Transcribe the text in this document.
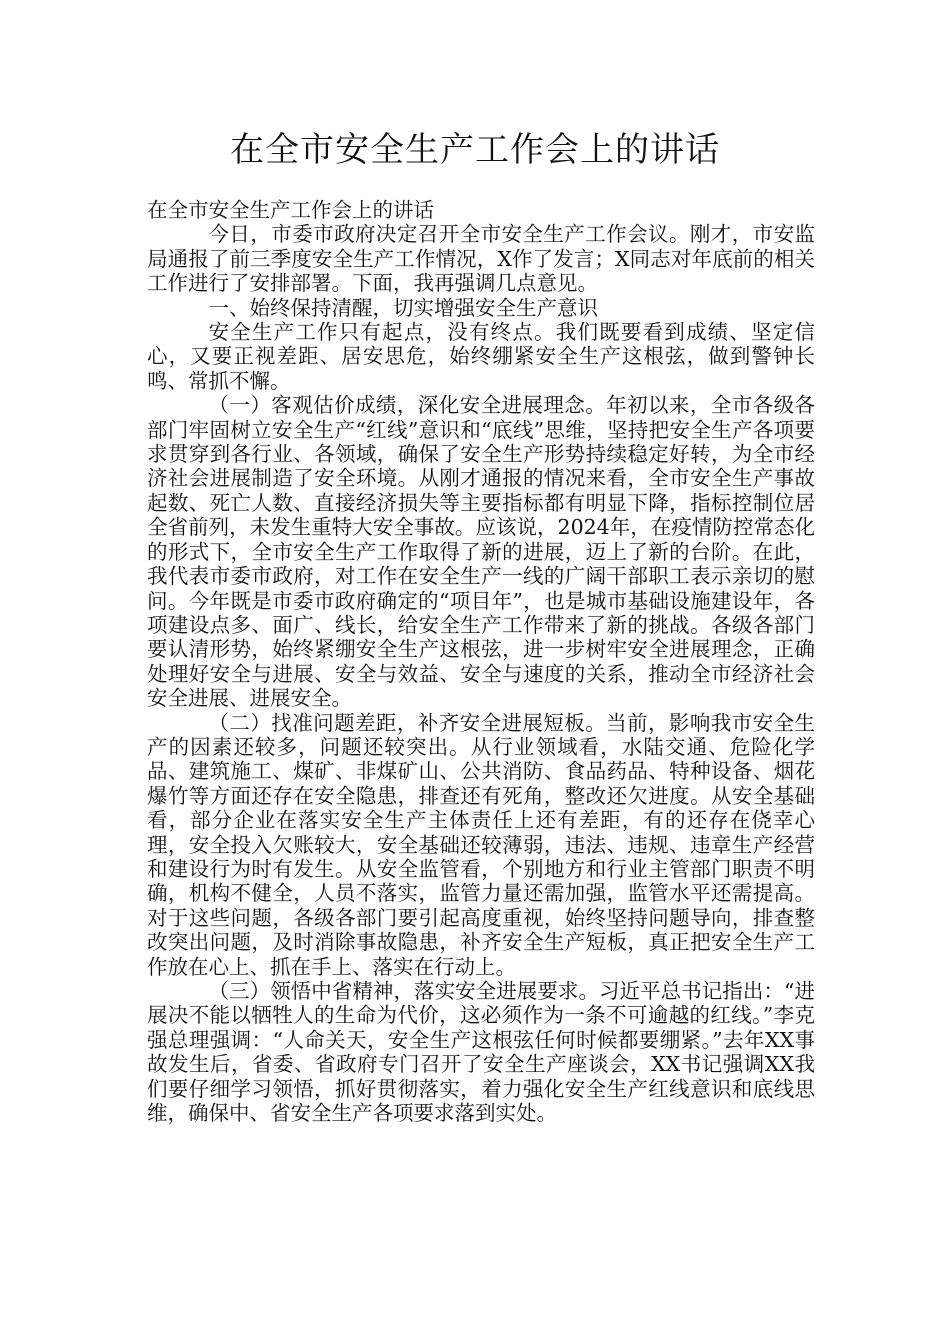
在全市安全生产工作会上的讲话

在全市安全生产工作会上的讲话

今日，市委市政府决定召开全市安全生产工作会议。刚才，市安监局通报了前三季度安全生产工作情况，X作了发言；X同志对年底前的相关工作进行了安排部署。下面，我再强调几点意见。

一、始终保持清醒，切实增强安全生产意识

安全生产工作只有起点，没有终点。我们既要看到成绩、坚定信心，又要正视差距、居安思危，始终绷紧安全生产这根弦，做到警钟长鸣、常抓不懈。

（一）客观估价成绩，深化安全进展理念。年初以来，全市各级各部门牢固树立安全生产“红线”意识和“底线”思维，坚持把安全生产各项要求贯穿到各行业、各领域，确保了安全生产形势持续稳定好转，为全市经济社会进展制造了安全环境。从刚才通报的情况来看，全市安全生产事故起数、死亡人数、直接经济损失等主要指标都有明显下降，指标控制位居全省前列，未发生重特大安全事故。应该说，2024年，在疫情防控常态化的形式下，全市安全生产工作取得了新的进展，迈上了新的台阶。在此，我代表市委市政府，对工作在安全生产一线的广阔干部职工表示亲切的慰问。今年既是市委市政府确定的“项目年”，也是城市基础设施建设年，各项建设点多、面广、线长，给安全生产工作带来了新的挑战。各级各部门要认清形势，始终紧绷安全生产这根弦，进一步树牢安全进展理念，正确处理好安全与进展、安全与效益、安全与速度的关系，推动全市经济社会安全进展、进展安全。

（二）找准问题差距，补齐安全进展短板。当前，影响我市安全生产的因素还较多，问题还较突出。从行业领域看，水陆交通、危险化学品、建筑施工、煤矿、非煤矿山、公共消防、食品药品、特种设备、烟花爆竹等方面还存在安全隐患，排查还有死角，整改还欠进度。从安全基础看，部分企业在落实安全生产主体责任上还有差距，有的还存在侥幸心理，安全投入欠账较大，安全基础还较薄弱，违法、违规、违章生产经营和建设行为时有发生。从安全监管看，个别地方和行业主管部门职责不明确，机构不健全，人员不落实，监管力量还需加强，监管水平还需提高。对于这些问题，各级各部门要引起高度重视，始终坚持问题导向，排查整改突出问题，及时消除事故隐患，补齐安全生产短板，真正把安全生产工作放在心上、抓在手上、落实在行动上。

（三）领悟中省精神，落实安全进展要求。习近平总书记指出：“进展决不能以牺牲人的生命为代价，这必须作为一条不可逾越的红线。”李克强总理强调：“人命关天，安全生产这根弦任何时候都要绷紧。”去年XX事故发生后，省委、省政府专门召开了安全生产座谈会，XX书记强调XX我们要仔细学习领悟，抓好贯彻落实，着力强化安全生产红线意识和底线思维，确保中、省安全生产各项要求落到实处。
